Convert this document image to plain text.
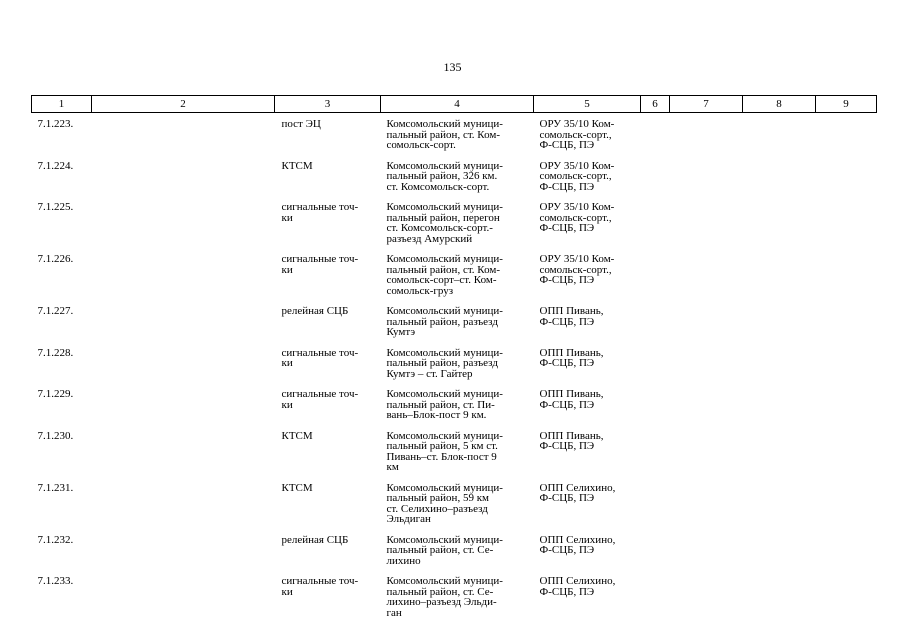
135
1	2	3	4	5	6	7	8	9
7.1.223.		пост ЭЦ	Комсомольский муници-
пальный район, ст. Ком-
сомольск-сорт.	ОРУ 35/10 Ком-
сомольск-сорт.,
Ф-СЦБ, ПЭ				
7.1.224.		КТСМ	Комсомольский муници-
пальный район, 326 км.
ст. Комсомольск-сорт.	ОРУ 35/10 Ком-
сомольск-сорт.,
Ф-СЦБ, ПЭ				
7.1.225.		сигнальные точ-
ки	Комсомольский муници-
пальный район, перегон
ст. Комсомольск-сорт.-
разъезд Амурский	ОРУ 35/10 Ком-
сомольск-сорт.,
Ф-СЦБ, ПЭ				
7.1.226.		сигнальные точ-
ки	Комсомольский муници-
пальный район, ст. Ком-
сомольск-сорт–ст. Ком-
сомольск-груз	ОРУ 35/10 Ком-
сомольск-сорт.,
Ф-СЦБ, ПЭ				
7.1.227.		релейная СЦБ	Комсомольский муници-
пальный район, разъезд
Кумтэ	ОПП Пивань,
Ф-СЦБ, ПЭ				
7.1.228.		сигнальные точ-
ки	Комсомольский муници-
пальный район, разъезд
Кумтэ – ст. Гайтер	ОПП Пивань,
Ф-СЦБ, ПЭ				
7.1.229.		сигнальные точ-
ки	Комсомольский муници-
пальный район, ст. Пи-
вань–Блок-пост 9 км.	ОПП Пивань,
Ф-СЦБ, ПЭ				
7.1.230.		КТСМ	Комсомольский муници-
пальный район, 5 км ст.
Пивань–ст. Блок-пост 9
км	ОПП Пивань,
Ф-СЦБ, ПЭ				
7.1.231.		КТСМ	Комсомольский муници-
пальный район, 59 км
ст. Селихино–разъезд
Эльдиган	ОПП Селихино,
Ф-СЦБ, ПЭ				
7.1.232.		релейная СЦБ	Комсомольский муници-
пальный район, ст. Се-
лихино	ОПП Селихино,
Ф-СЦБ, ПЭ				
7.1.233.		сигнальные точ-
ки	Комсомольский муници-
пальный район, ст. Се-
лихино–разъезд Эльди-
ган	ОПП Селихино,
Ф-СЦБ, ПЭ				
